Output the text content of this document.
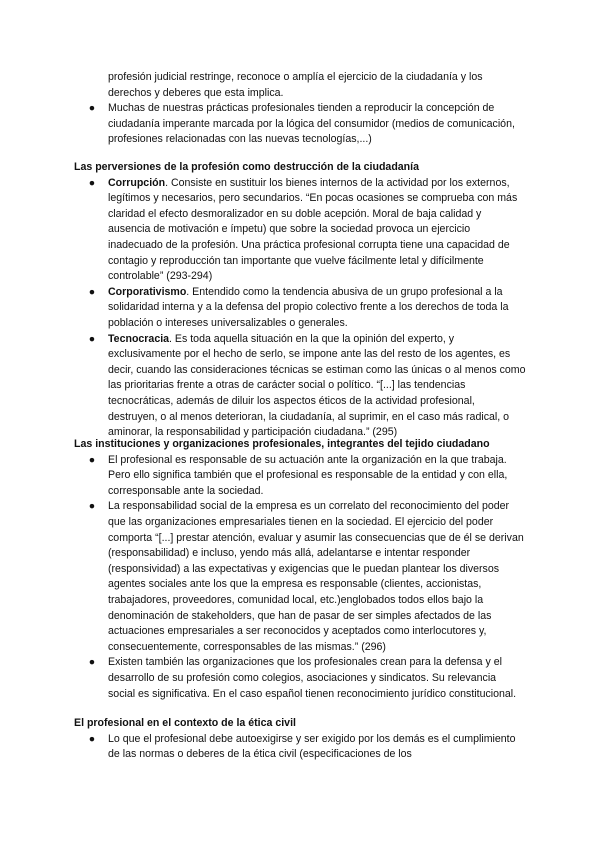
profesión judicial restringe, reconoce o amplía el ejercicio de la ciudadanía y los derechos y deberes que esta implica.

● Muchas de nuestras prácticas profesionales tienden a reproducir la concepción de ciudadanía imperante marcada por la lógica del consumidor (medios de comunicación, profesiones relacionadas con las nuevas tecnologías,...)
Las perversiones de la profesión como destrucción de la ciudadanía
● Corrupción. Consiste en sustituir los bienes internos de la actividad por los externos, legítimos y necesarios, pero secundarios. “En pocas ocasiones se comprueba con más claridad el efecto desmoralizador en su doble acepción. Moral de baja calidad y ausencia de motivación e ímpetu) que sobre la sociedad provoca un ejercicio inadecuado de la profesión. Una práctica profesional corrupta tiene una capacidad de contagio y reproducción tan importante que vuelve fácilmente letal y difícilmente controlable” (293-294)
● Corporativismo. Entendido como la tendencia abusiva de un grupo profesional a la solidaridad interna y a la defensa del propio colectivo frente a los derechos de toda la población o intereses universalizables o generales.
● Tecnocracia. Es toda aquella situación en la que la opinión del experto, y exclusivamente por el hecho de serlo, se impone ante las del resto de los agentes, es decir, cuando las consideraciones técnicas se estiman como las únicas o al menos como las prioritarias frente a otras de carácter social o político. “[...] las tendencias tecnocráticas, además de diluir los aspectos éticos de la actividad profesional, destruyen, o al menos deterioran, la ciudadanía, al suprimir, en el caso más radical, o aminorar, la responsabilidad y participación ciudadana.” (295)
Las instituciones y organizaciones profesionales, integrantes del tejido ciudadano
● El profesional es responsable de su actuación ante la organización en la que trabaja. Pero ello significa también que el profesional es responsable de la entidad y con ella, corresponsable ante la sociedad.
● La responsabilidad social de la empresa es un correlato del reconocimiento del poder que las organizaciones empresariales tienen en la sociedad. El ejercicio del poder comporta “[...] prestar atención, evaluar y asumir las consecuencias que de él se derivan (responsabilidad) e incluso, yendo más allá, adelantarse e intentar responder (responsividad) a las expectativas y exigencias que le puedan plantear los diversos agentes sociales ante los que la empresa es responsable (clientes, accionistas, trabajadores, proveedores, comunidad local, etc.)englobados todos ellos bajo la denominación de stakeholders, que han de pasar de ser simples afectados de las actuaciones empresariales a ser reconocidos y aceptados como interlocutores y, consecuentemente, corresponsables de las mismas.” (296)
● Existen también las organizaciones que los profesionales crean para la defensa y el desarrollo de su profesión como colegios, asociaciones y sindicatos. Su relevancia social es significativa. En el caso español tienen reconocimiento jurídico constitucional.
El profesional en el contexto de la ética civil
● Lo que el profesional debe autoexigirse y ser exigido por los demás es el cumplimiento de las normas o deberes de la ética civil (especificaciones de los
